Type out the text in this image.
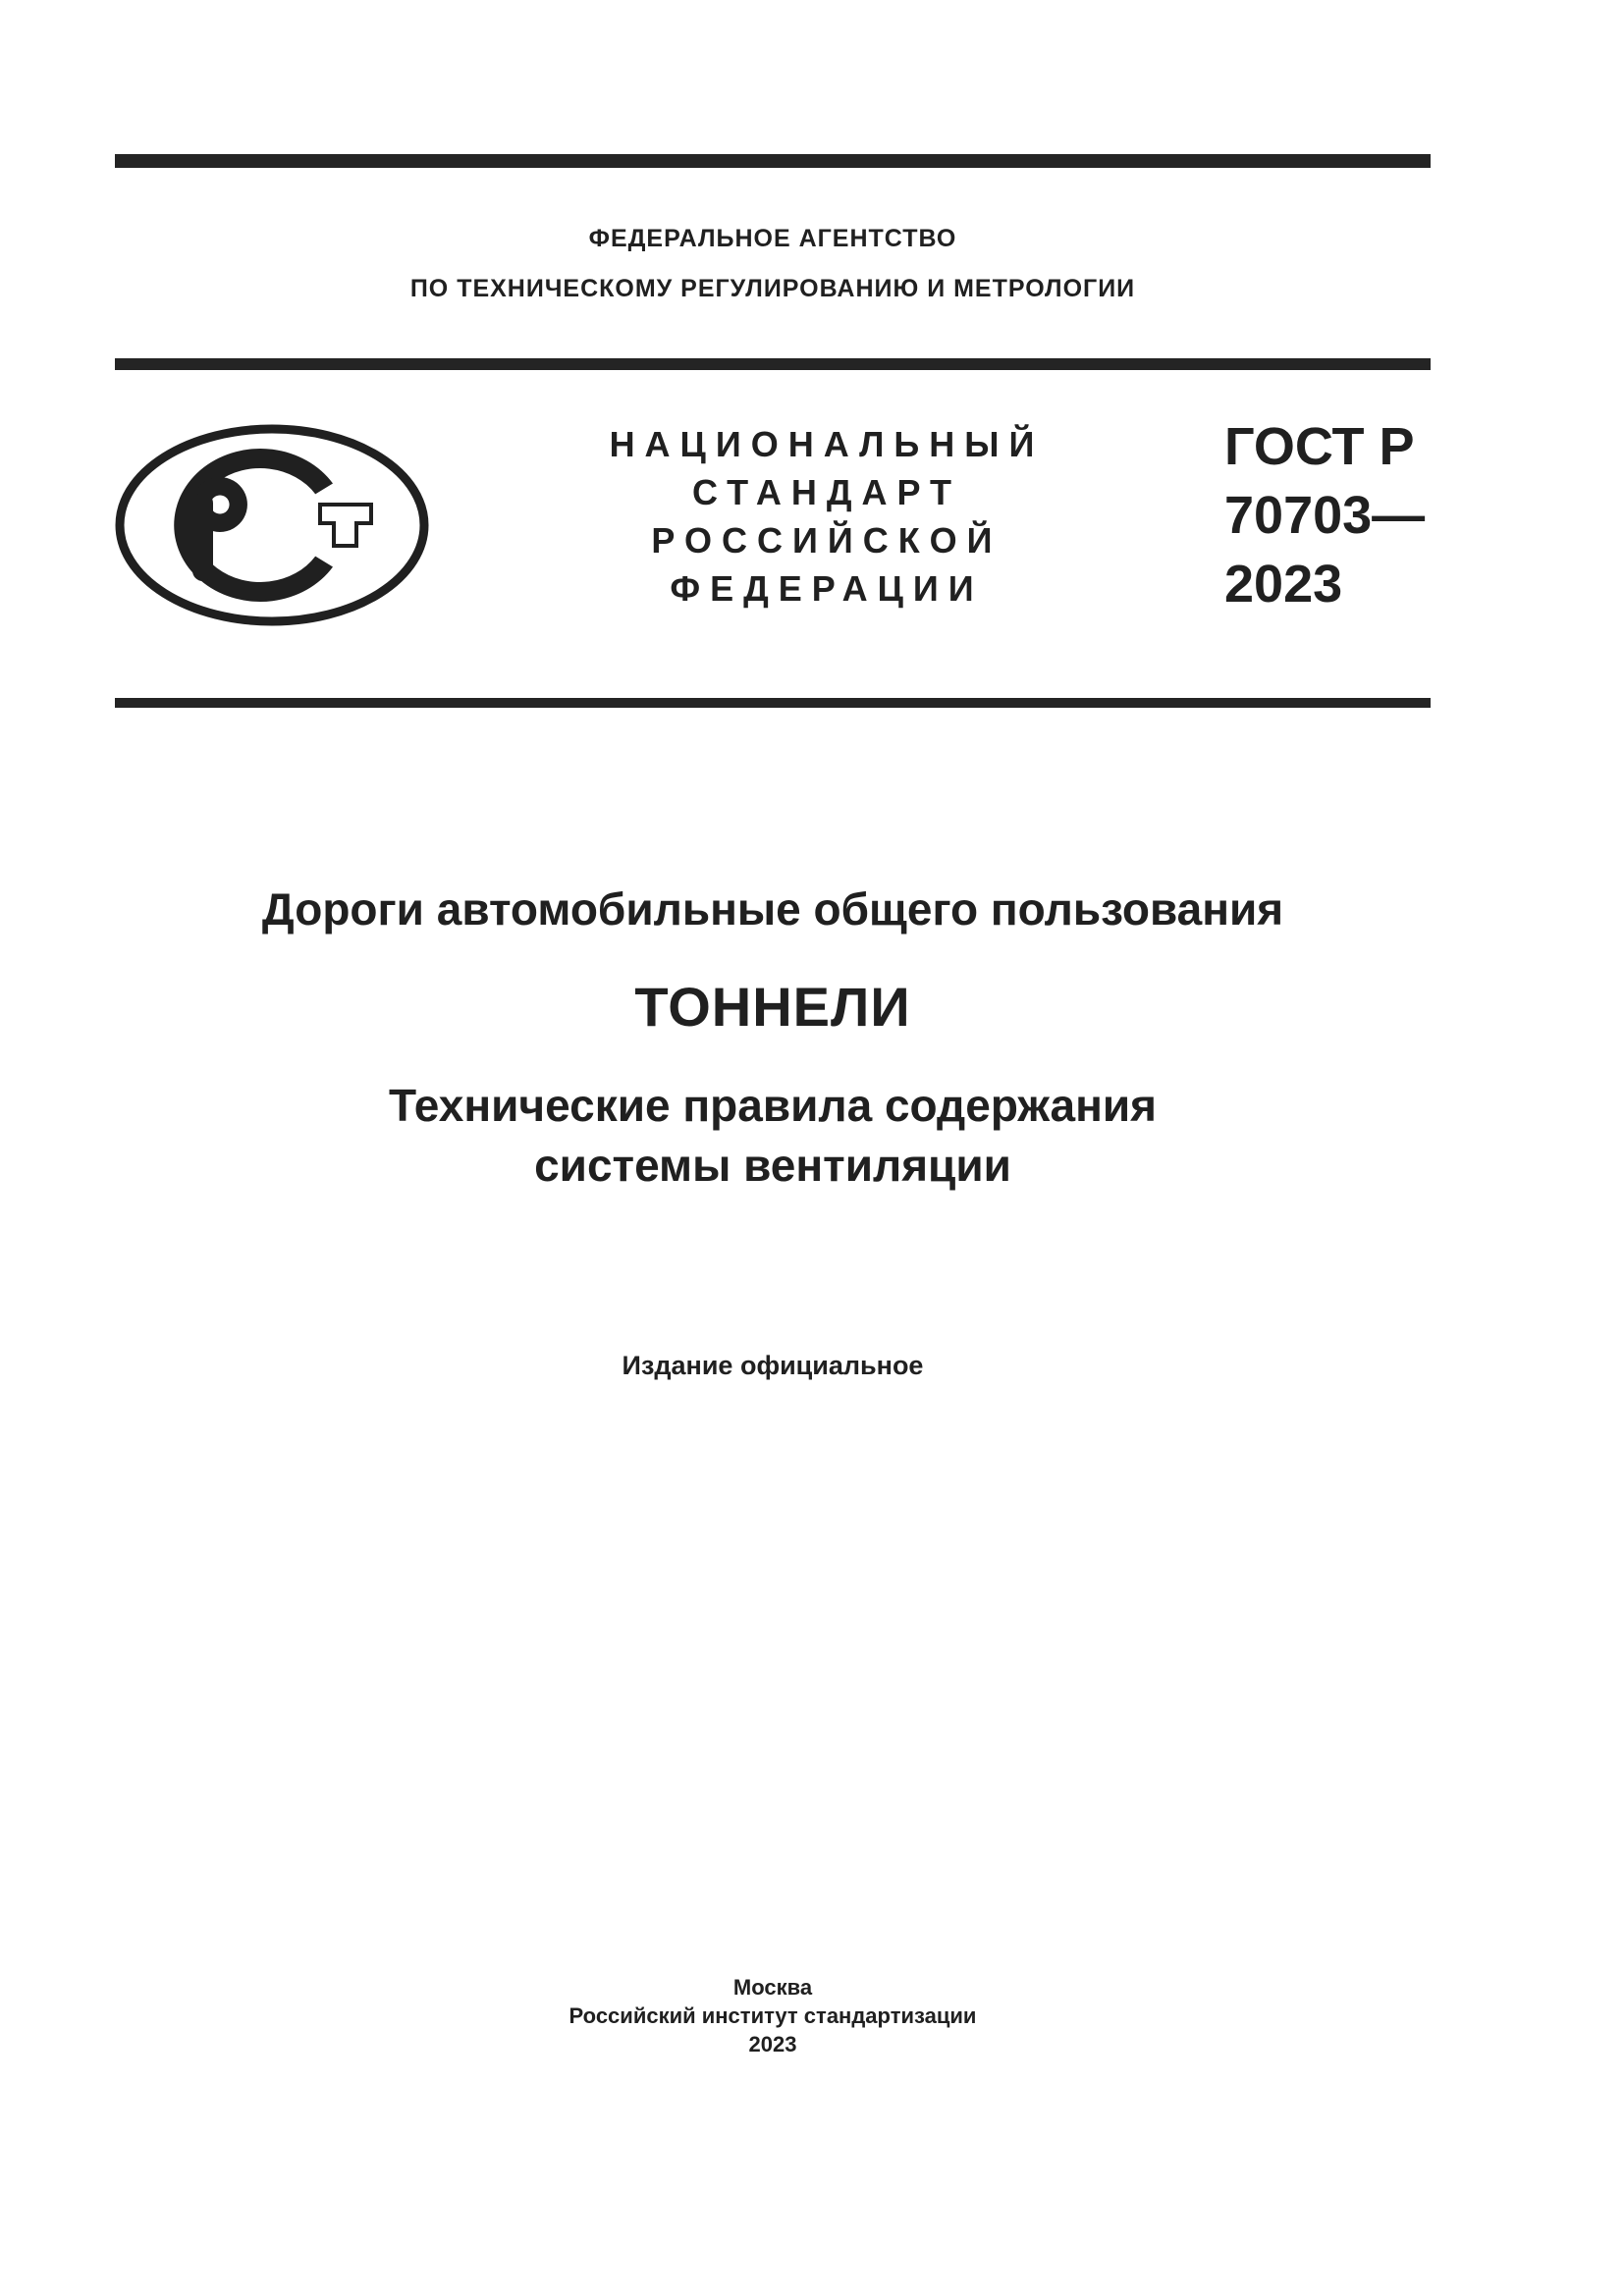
ФЕДЕРАЛЬНОЕ АГЕНТСТВО
ПО ТЕХНИЧЕСКОМУ РЕГУЛИРОВАНИЮ И МЕТРОЛОГИИ
НАЦИОНАЛЬНЫЙ
СТАНДАРТ
РОССИЙСКОЙ
ФЕДЕРАЦИИ
ГОСТ Р
70703—
2023
Дороги автомобильные общего пользования
ТОННЕЛИ
Технические правила содержания
системы вентиляции
Издание официальное
Москва
Российский институт стандартизации
2023
